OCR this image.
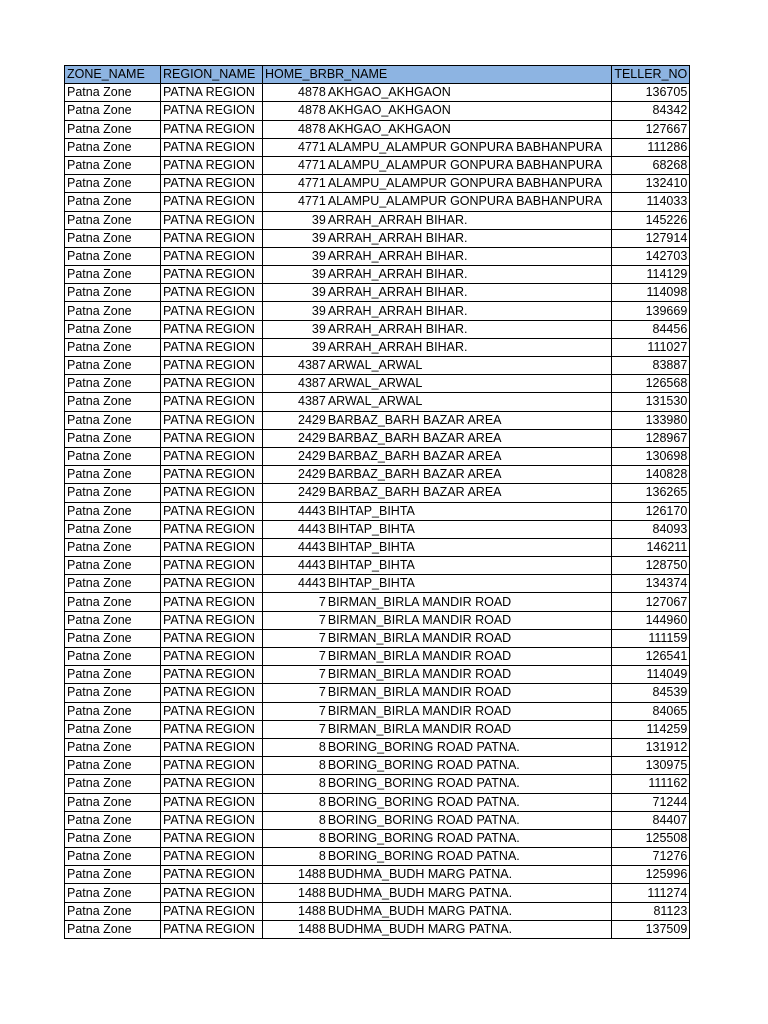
ZONE_NAME	REGION_NAME	HOME_BR	BR_NAME	TELLER_NO
Patna Zone	PATNA REGION	4878	AKHGAO_AKHGAON	136705
Patna Zone	PATNA REGION	4878	AKHGAO_AKHGAON	84342
Patna Zone	PATNA REGION	4878	AKHGAO_AKHGAON	127667
Patna Zone	PATNA REGION	4771	ALAMPU_ALAMPUR GONPURA BABHANPURA	111286
Patna Zone	PATNA REGION	4771	ALAMPU_ALAMPUR GONPURA BABHANPURA	68268
Patna Zone	PATNA REGION	4771	ALAMPU_ALAMPUR GONPURA BABHANPURA	132410
Patna Zone	PATNA REGION	4771	ALAMPU_ALAMPUR GONPURA BABHANPURA	114033
Patna Zone	PATNA REGION	39	ARRAH_ARRAH BIHAR.	145226
Patna Zone	PATNA REGION	39	ARRAH_ARRAH BIHAR.	127914
Patna Zone	PATNA REGION	39	ARRAH_ARRAH BIHAR.	142703
Patna Zone	PATNA REGION	39	ARRAH_ARRAH BIHAR.	114129
Patna Zone	PATNA REGION	39	ARRAH_ARRAH BIHAR.	114098
Patna Zone	PATNA REGION	39	ARRAH_ARRAH BIHAR.	139669
Patna Zone	PATNA REGION	39	ARRAH_ARRAH BIHAR.	84456
Patna Zone	PATNA REGION	39	ARRAH_ARRAH BIHAR.	111027
Patna Zone	PATNA REGION	4387	ARWAL_ARWAL	83887
Patna Zone	PATNA REGION	4387	ARWAL_ARWAL	126568
Patna Zone	PATNA REGION	4387	ARWAL_ARWAL	131530
Patna Zone	PATNA REGION	2429	BARBAZ_BARH BAZAR AREA	133980
Patna Zone	PATNA REGION	2429	BARBAZ_BARH BAZAR AREA	128967
Patna Zone	PATNA REGION	2429	BARBAZ_BARH BAZAR AREA	130698
Patna Zone	PATNA REGION	2429	BARBAZ_BARH BAZAR AREA	140828
Patna Zone	PATNA REGION	2429	BARBAZ_BARH BAZAR AREA	136265
Patna Zone	PATNA REGION	4443	BIHTAP_BIHTA	126170
Patna Zone	PATNA REGION	4443	BIHTAP_BIHTA	84093
Patna Zone	PATNA REGION	4443	BIHTAP_BIHTA	146211
Patna Zone	PATNA REGION	4443	BIHTAP_BIHTA	128750
Patna Zone	PATNA REGION	4443	BIHTAP_BIHTA	134374
Patna Zone	PATNA REGION	7	BIRMAN_BIRLA MANDIR ROAD	127067
Patna Zone	PATNA REGION	7	BIRMAN_BIRLA MANDIR ROAD	144960
Patna Zone	PATNA REGION	7	BIRMAN_BIRLA MANDIR ROAD	111159
Patna Zone	PATNA REGION	7	BIRMAN_BIRLA MANDIR ROAD	126541
Patna Zone	PATNA REGION	7	BIRMAN_BIRLA MANDIR ROAD	114049
Patna Zone	PATNA REGION	7	BIRMAN_BIRLA MANDIR ROAD	84539
Patna Zone	PATNA REGION	7	BIRMAN_BIRLA MANDIR ROAD	84065
Patna Zone	PATNA REGION	7	BIRMAN_BIRLA MANDIR ROAD	114259
Patna Zone	PATNA REGION	8	BORING_BORING ROAD PATNA.	131912
Patna Zone	PATNA REGION	8	BORING_BORING ROAD PATNA.	130975
Patna Zone	PATNA REGION	8	BORING_BORING ROAD PATNA.	111162
Patna Zone	PATNA REGION	8	BORING_BORING ROAD PATNA.	71244
Patna Zone	PATNA REGION	8	BORING_BORING ROAD PATNA.	84407
Patna Zone	PATNA REGION	8	BORING_BORING ROAD PATNA.	125508
Patna Zone	PATNA REGION	8	BORING_BORING ROAD PATNA.	71276
Patna Zone	PATNA REGION	1488	BUDHMA_BUDH MARG PATNA.	125996
Patna Zone	PATNA REGION	1488	BUDHMA_BUDH MARG PATNA.	111274
Patna Zone	PATNA REGION	1488	BUDHMA_BUDH MARG PATNA.	81123
Patna Zone	PATNA REGION	1488	BUDHMA_BUDH MARG PATNA.	137509
